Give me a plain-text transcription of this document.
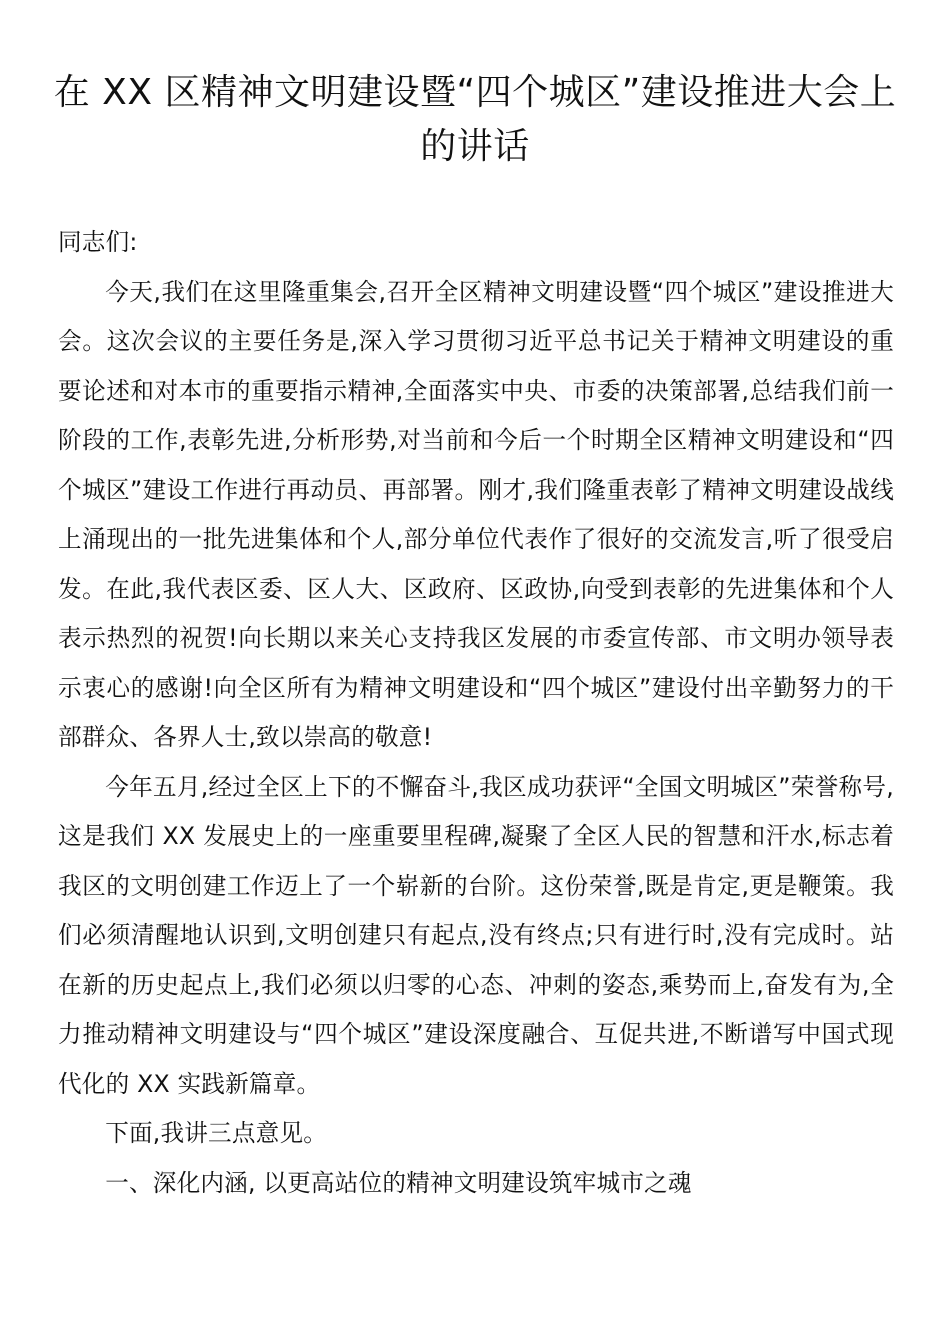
在 XX 区精神文明建设暨“四个城区”建设推进大会上的讲话

同志们:

今天,我们在这里隆重集会,召开全区精神文明建设暨“四个城区”建设推进大会。这次会议的主要任务是,深入学习贯彻习近平总书记关于精神文明建设的重要论述和对本市的重要指示精神,全面落实中央、市委的决策部署,总结我们前一阶段的工作,表彰先进,分析形势,对当前和今后一个时期全区精神文明建设和“四个城区”建设工作进行再动员、再部署。刚才,我们隆重表彰了精神文明建设战线上涌现出的一批先进集体和个人,部分单位代表作了很好的交流发言,听了很受启发。在此,我代表区委、区人大、区政府、区政协,向受到表彰的先进集体和个人表示热烈的祝贺!向长期以来关心支持我区发展的市委宣传部、市文明办领导表示衷心的感谢!向全区所有为精神文明建设和“四个城区”建设付出辛勤努力的干部群众、各界人士,致以崇高的敬意!

今年五月,经过全区上下的不懈奋斗,我区成功获评“全国文明城区”荣誉称号,这是我们 XX 发展史上的一座重要里程碑,凝聚了全区人民的智慧和汗水,标志着我区的文明创建工作迈上了一个崭新的台阶。这份荣誉,既是肯定,更是鞭策。我们必须清醒地认识到,文明创建只有起点,没有终点;只有进行时,没有完成时。站在新的历史起点上,我们必须以归零的心态、冲刺的姿态,乘势而上,奋发有为,全力推动精神文明建设与“四个城区”建设深度融合、互促共进,不断谱写中国式现代化的 XX 实践新篇章。

下面,我讲三点意见。

一、深化内涵, 以更高站位的精神文明建设筑牢城市之魂
